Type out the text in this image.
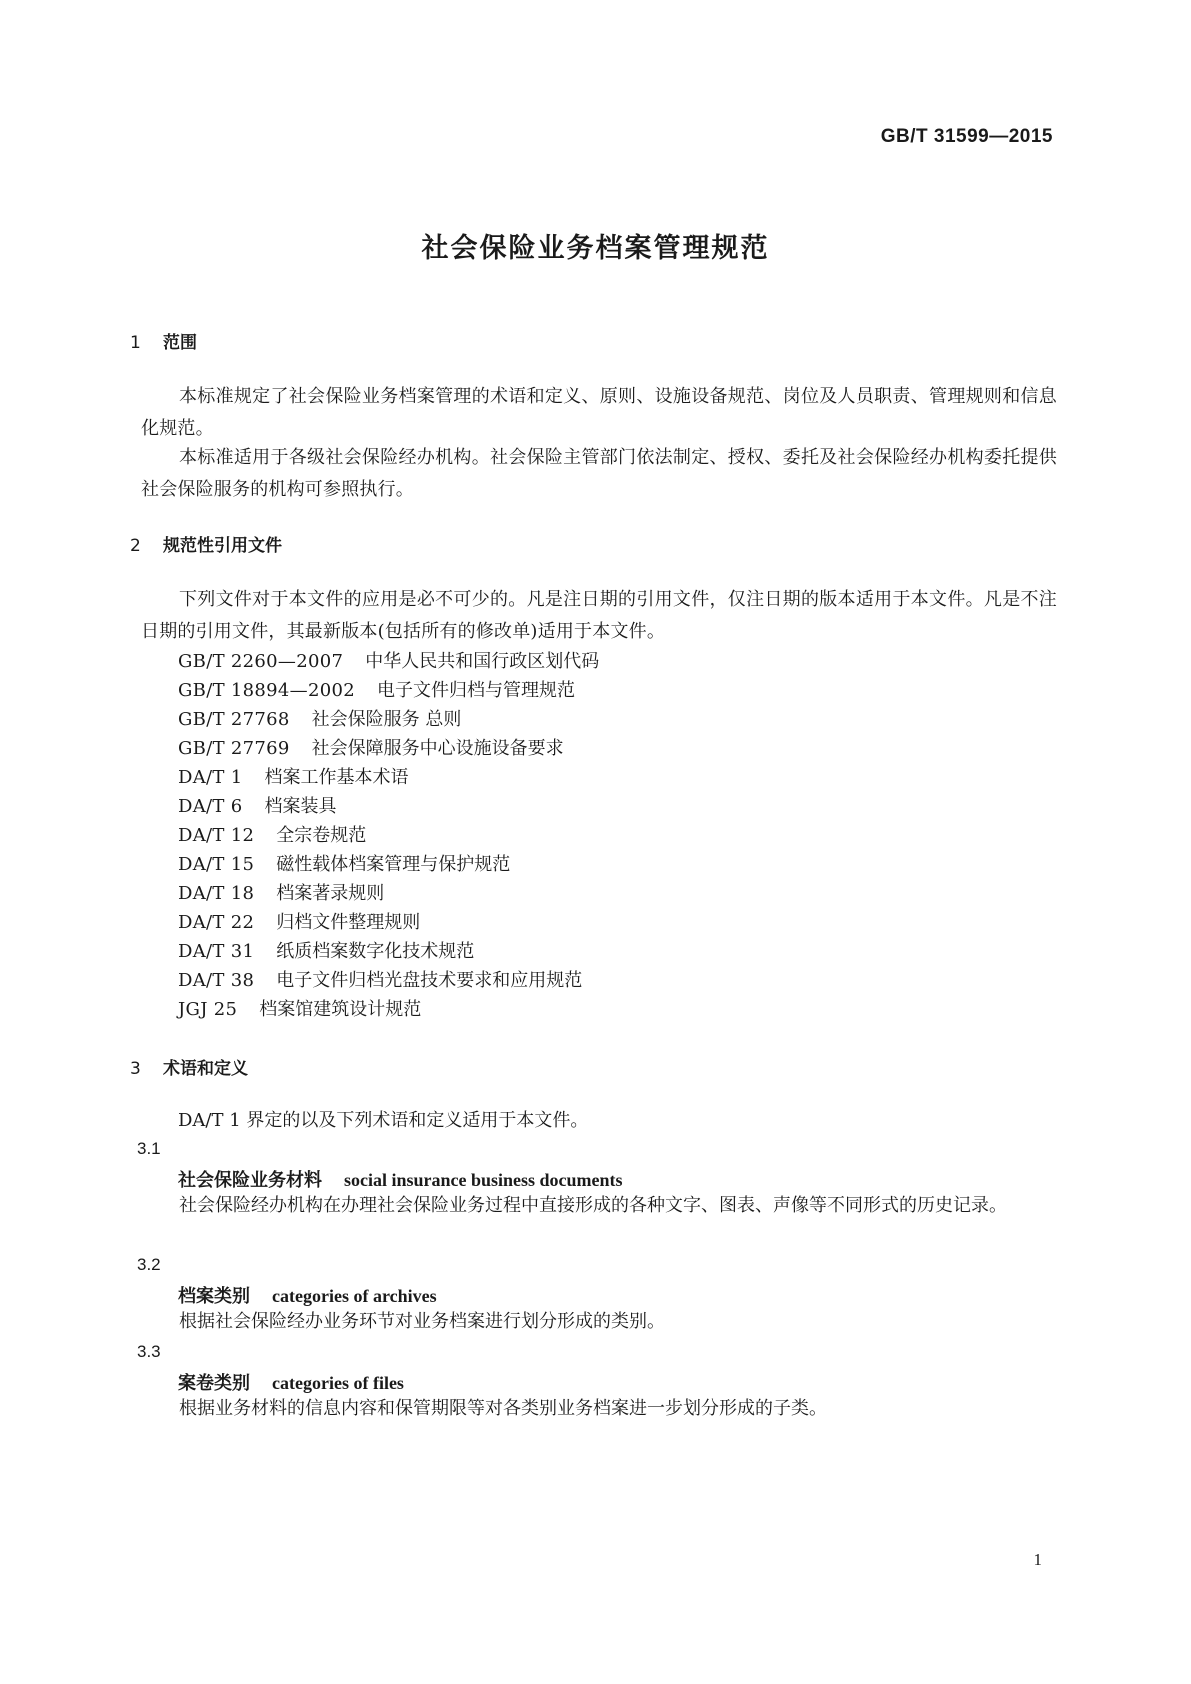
GB/T 31599—2015
社会保险业务档案管理规范
1 范围
本标准规定了社会保险业务档案管理的术语和定义、原则、设施设备规范、岗位及人员职责、管理规则和信息化规范。
本标准适用于各级社会保险经办机构。社会保险主管部门依法制定、授权、委托及社会保险经办机构委托提供社会保险服务的机构可参照执行。
2 规范性引用文件
下列文件对于本文件的应用是必不可少的。凡是注日期的引用文件，仅注日期的版本适用于本文件。凡是不注日期的引用文件，其最新版本(包括所有的修改单)适用于本文件。
GB/T 2260—2007 中华人民共和国行政区划代码
GB/T 18894—2002 电子文件归档与管理规范
GB/T 27768 社会保险服务 总则
GB/T 27769 社会保障服务中心设施设备要求
DA/T 1 档案工作基本术语
DA/T 6 档案装具
DA/T 12 全宗卷规范
DA/T 15 磁性载体档案管理与保护规范
DA/T 18 档案著录规则
DA/T 22 归档文件整理规则
DA/T 31 纸质档案数字化技术规范
DA/T 38 电子文件归档光盘技术要求和应用规范
JGJ 25 档案馆建筑设计规范
3 术语和定义
DA/T 1 界定的以及下列术语和定义适用于本文件。
3.1
社会保险业务材料 social insurance business documents
社会保险经办机构在办理社会保险业务过程中直接形成的各种文字、图表、声像等不同形式的历史记录。
3.2
档案类别 categories of archives
根据社会保险经办业务环节对业务档案进行划分形成的类别。
3.3
案卷类别 categories of files
根据业务材料的信息内容和保管期限等对各类别业务档案进一步划分形成的子类。
1
